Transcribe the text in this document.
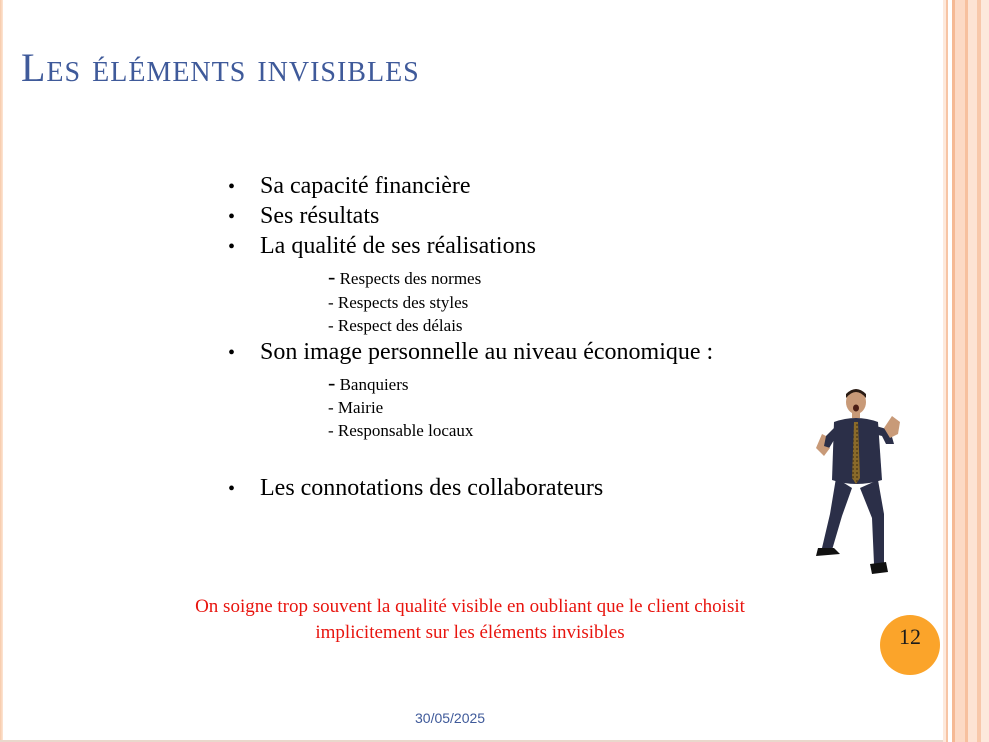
Les éléments invisibles
• Sa capacité financière
• Ses résultats
• La qualité de ses réalisations
- Respects des normes
- Respects des styles
- Respect des délais
• Son image personnelle au niveau économique :
- Banquiers
- Mairie
- Responsable locaux
• Les connotations des collaborateurs
On soigne trop souvent la qualité visible en oubliant que le client choisit
implicitement sur les éléments invisibles	12
30/05/2025
